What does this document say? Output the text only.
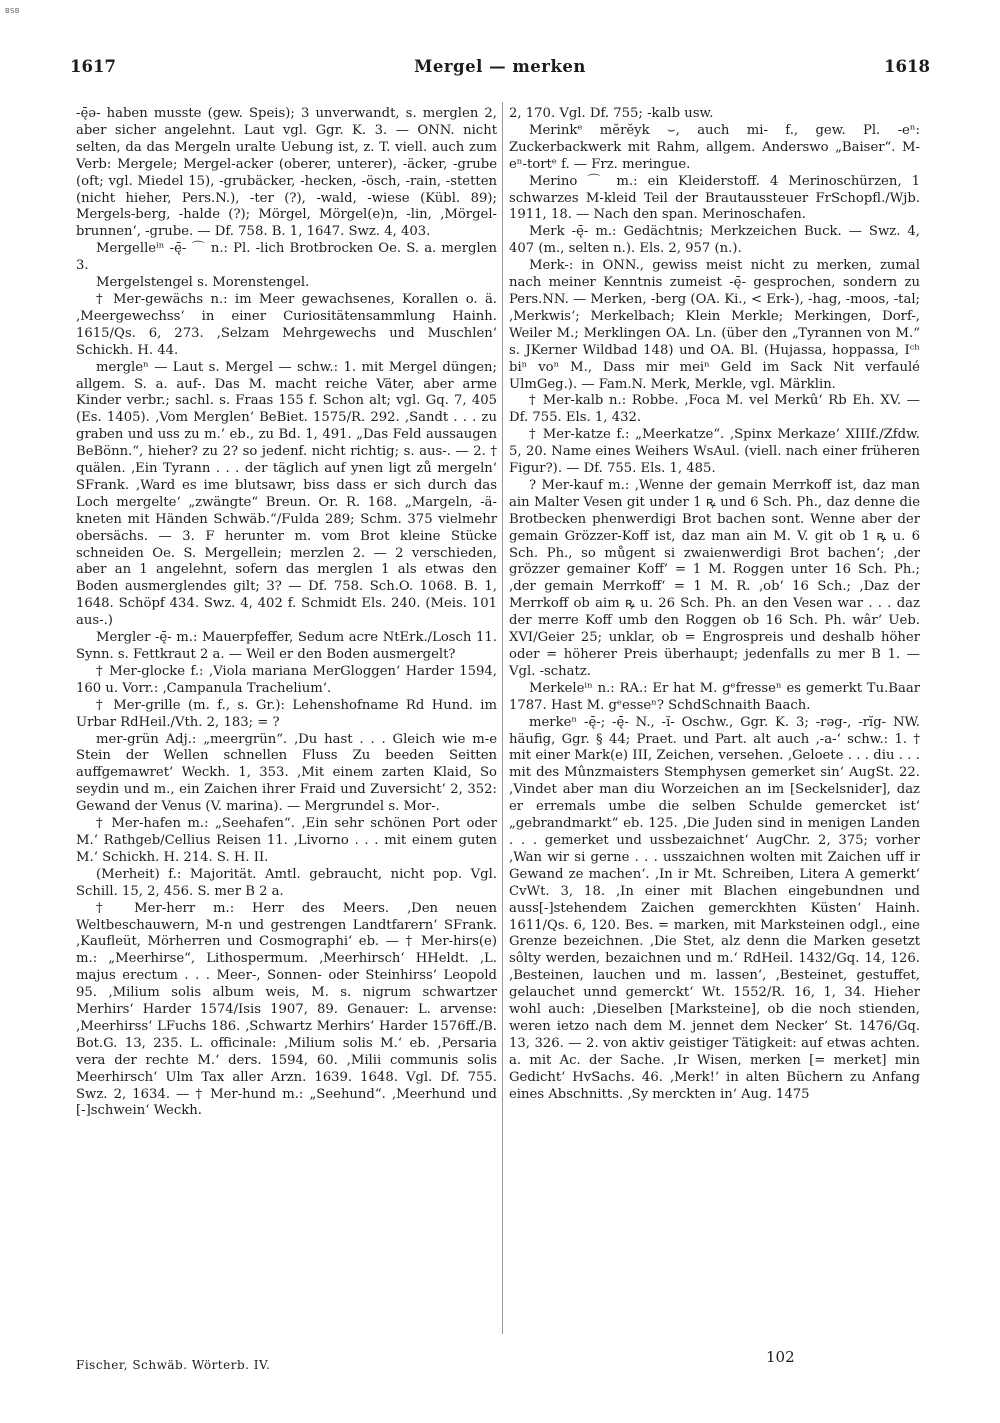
BSB
1617	Mergel — merken	1618

-ę̄ə- haben musste (gew. Speis); 3 unverwandt, s. merglen 2, aber sicher angelehnt. Laut vgl. Ggr. K. 3. — ONN. nicht selten, da das Mergeln uralte Uebung ist, z. T. viell. auch zum Verb: Mergele; Mergel-acker (oberer, unterer), -äcker, -grube (oft; vgl. Miedel 15), -grubäcker, -hecken, -ösch, -rain, -stetten (nicht hieher, Pers.N.), -ter (?), -wald, -wiese (Kübl. 89); Mergels-berg, -halde (?); Mörgel, Mörgel(e)n, -lin, ‚Mörgel-brunnen‘, -grube. — Df. 758. B. 1, 1647. Swz. 4, 403.

Mergelleⁱⁿ -ę̄- ⌒ n.: Pl. -lich Brotbrocken Oe. S. a. merglen 3.

Mergelstengel s. Morenstengel.

† Mer-gewächs n.: im Meer gewachsenes, Korallen o. ä. ‚Meergewechss‘ in einer Curiositätensammlung Hainh. 1615/Qs. 6, 273. ‚Selzam Mehrgewechs und Muschlen‘ Schickh. H. 44.

mergleⁿ — Laut s. Mergel — schw.: 1. mit Mergel düngen; allgem. S. a. auf-. Das M. macht reiche Väter, aber arme Kinder verbr.; sachl. s. Fraas 155 f. Schon alt; vgl. Gq. 7, 405 (Es. 1405). ‚Vom Merglen‘ BeBiet. 1575/R. 292. ‚Sandt . . . zu graben und uss zu m.‘ eb., zu Bd. 1, 491. „Das Feld aussaugen BeBönn.“, hieher? zu 2? so jedenf. nicht richtig; s. aus-. — 2. † quälen. ‚Ein Tyrann . . . der täglich auf ynen ligt zů mergeln‘ SFrank. ‚Ward es ime blutsawr, biss dass er sich durch das Loch mergelte‘ „zwängte“ Breun. Or. R. 168. „Margeln, -ä- kneten mit Händen Schwäb.“/Fulda 289; Schm. 375 vielmehr obersächs. — 3. F herunter m. vom Brot kleine Stücke schneiden Oe. S. Mergellein; merzlen 2. — 2 verschieden, aber an 1 angelehnt, sofern das merglen 1 als etwas den Boden ausmerglendes gilt; 3? — Df. 758. Sch.O. 1068. B. 1, 1648. Schöpf 434. Swz. 4, 402 f. Schmidt Els. 240. (Meis. 101 aus-.)

Mergler -ę̄- m.: Mauerpfeffer, Sedum acre NtErk./Losch 11. Synn. s. Fettkraut 2 a. — Weil er den Boden ausmergelt?

† Mer-glocke f.: ‚Viola mariana MerGloggen‘ Harder 1594, 160 u. Vorr.: ‚Campanula Trachelium‘.

† Mer-grille (m. f., s. Gr.): Lehenshofname Rd Hund. im Urbar RdHeil./Vth. 2, 183; = ?

mer-grün Adj.: „meergrün“. ‚Du hast . . . Gleich wie m-e Stein der Wellen schnellen Fluss Zu beeden Seitten auffgemawret‘ Weckh. 1, 353. ‚Mit einem zarten Klaid, So seydin und m., ein Zaichen ihrer Fraid und Zuversicht‘ 2, 352: Gewand der Venus (V. marina). — Mergrundel s. Mor-.

† Mer-hafen m.: „Seehafen“. ‚Ein sehr schönen Port oder M.‘ Rathgeb/Cellius Reisen 11. ‚Livorno . . . mit einem guten M.‘ Schickh. H. 214. S. H. II.

(Merheit) f.: Majorität. Amtl. gebraucht, nicht pop. Vgl. Schill. 15, 2, 456. S. mer B 2 a.

† Mer-herr m.: Herr des Meers. ‚Den neuen Weltbeschauwern, M-n und gestrengen Landtfarern‘ SFrank. ‚Kaufleüt, Mörherren und Cosmographi‘ eb. — † Mer-hirs(e) m.: „Meerhirse“, Lithospermum. ‚Meerhirsch‘ HHeldt. ‚L. majus erectum . . . Meer-, Sonnen- oder Steinhirss‘ Leopold 95. ‚Milium solis album weis, M. s. nigrum schwartzer Merhirs‘ Harder 1574/Isis 1907, 89. Genauer: L. arvense: ‚Meerhirss‘ LFuchs 186. ‚Schwartz Merhirs‘ Harder 1576ff./B. Bot.G. 13, 235. L. officinale: ‚Milium solis M.‘ eb. ‚Persaria vera der rechte M.‘ ders. 1594, 60. ‚Milii communis solis Meerhirsch‘ Ulm Tax aller Arzn. 1639. 1648. Vgl. Df. 755. Swz. 2, 1634. — † Mer-hund m.: „Seehund“. ‚Meerhund und [-]schwein‘ Weckh.

2, 170. Vgl. Df. 755; -kalb usw.

Merinkᵉ mĕrĕyk ⌣, auch mi- f., gew. Pl. -eⁿ: Zuckerbackwerk mit Rahm, allgem. Anderswo „Baiser“. M-eⁿ-tortᵉ f. — Frz. meringue.

Merino ⌒ m.: ein Kleiderstoff. 4 Merinoschürzen, 1 schwarzes M-kleid Teil der Brautaussteuer FrSchopfl./Wjb. 1911, 18. — Nach den span. Merinoschafen.

Merk -ę̄- m.: Gedächtnis; Merkzeichen Buck. — Swz. 4, 407 (m., selten n.). Els. 2, 957 (n.).

Merk-: in ONN., gewiss meist nicht zu merken, zumal nach meiner Kenntnis zumeist -ę̄- gesprochen, sondern zu Pers.NN. — Merken, -berg (OA. Ki., < Erk-), -hag, -moos, -tal; ‚Merkwis‘; Merkelbach; Klein Merkle; Merkingen, Dorf-, Weiler M.; Merklingen OA. Ln. (über den „Tyrannen von M.“ s. JKerner Wildbad 148) und OA. Bl. (Hujassa, hoppassa, Iᶜʰ biⁿ voⁿ M., Dass mir meiⁿ Geld im Sack Nit verfaulé UlmGeg.). — Fam.N. Merk, Merkle, vgl. Märklin.

† Mer-kalb n.: Robbe. ‚Foca M. vel Merkû‘ Rb Eh. XV. — Df. 755. Els. 1, 432.

† Mer-katze f.: „Meerkatze“. ‚Spinx Merkaze‘ XIIIf./Zfdw. 5, 20. Name eines Weihers WsAul. (viell. nach einer früheren Figur?). — Df. 755. Els. 1, 485.

? Mer-kauf m.: ‚Wenne der gemain Merrkoff ist, daz man ain Malter Vesen git under 1 ꝶ und 6 Sch. Ph., daz denne die Brotbecken phenwerdigi Brot bachen sont. Wenne aber der gemain Grözzer-Koff ist, daz man ain M. V. git ob 1 ꝶ u. 6 Sch. Ph., so můgent si zwaienwerdigi Brot bachen‘; ‚der grözzer gemainer Koff‘ = 1 M. Roggen unter 16 Sch. Ph.; ‚der gemain Merrkoff‘ = 1 M. R. ‚ob‘ 16 Sch.; ‚Daz der Merrkoff ob aim ꝶ u. 26 Sch. Ph. an den Vesen war . . . daz der merre Koff umb den Roggen ob 16 Sch. Ph. wâr‘ Ueb. XVI/Geier 25; unklar, ob = Engrospreis und deshalb höher oder = höherer Preis überhaupt; jedenfalls zu mer B 1. — Vgl. -schatz.

Merkeleⁱⁿ n.: RA.: Er hat M. gᵉfresseⁿ es gemerkt Tu.Baar 1787. Hast M. gᵉesseⁿ? SchdSchnaith Baach.

merkeⁿ -ę̄-; -ę̄- N., -ĭ- Oschw., Ggr. K. 3; -rəg-, -rĭg- NW. häufig, Ggr. § 44; Praet. und Part. alt auch ‚-a-‘ schw.: 1. † mit einer Mark(e) III, Zeichen, versehen. ‚Geloete . . . diu . . . mit des Mûnzmaisters Stemphysen gemerket sin‘ AugSt. 22. ‚Vindet aber man diu Worzeichen an im [Seckelsnider], daz er erremals umbe die selben Schulde gemercket ist‘ „gebrandmarkt“ eb. 125. ‚Die Juden sind in menigen Landen . . . gemerket und ussbezaichnet‘ AugChr. 2, 375; vorher ‚Wan wir si gerne . . . usszaichnen wolten mit Zaichen uff ir Gewand ze machen‘. ‚In ir Mt. Schreiben, Litera A gemerkt‘ CvWt. 3, 18. ‚In einer mit Blachen eingebundnen und auss[-]stehendem Zaichen gemerckhten Küsten‘ Hainh. 1611/Qs. 6, 120. Bes. = marken, mit Marksteinen odgl., eine Grenze bezeichnen. ‚Die Stet, alz denn die Marken gesetzt sôlty werden, bezaichnen und m.‘ RdHeil. 1432/Gq. 14, 126. ‚Besteinen, lauchen und m. lassen‘, ‚Besteinet, gestuffet, gelauchet unnd gemerckt‘ Wt. 1552/R. 16, 1, 34. Hieher wohl auch: ‚Dieselben [Marksteine], ob die noch stienden, weren ietzo nach dem M. jennet dem Necker‘ St. 1476/Gq. 13, 326. — 2. von aktiv geistiger Tätigkeit: auf etwas achten. a. mit Ac. der Sache. ‚Ir Wisen, merken [= merket] min Gedicht‘ HvSachs. 46. ‚Merk!‘ in alten Büchern zu Anfang eines Abschnitts. ‚Sy merckten in‘ Aug. 1475

Fischer, Schwäb. Wörterb. IV.	102
